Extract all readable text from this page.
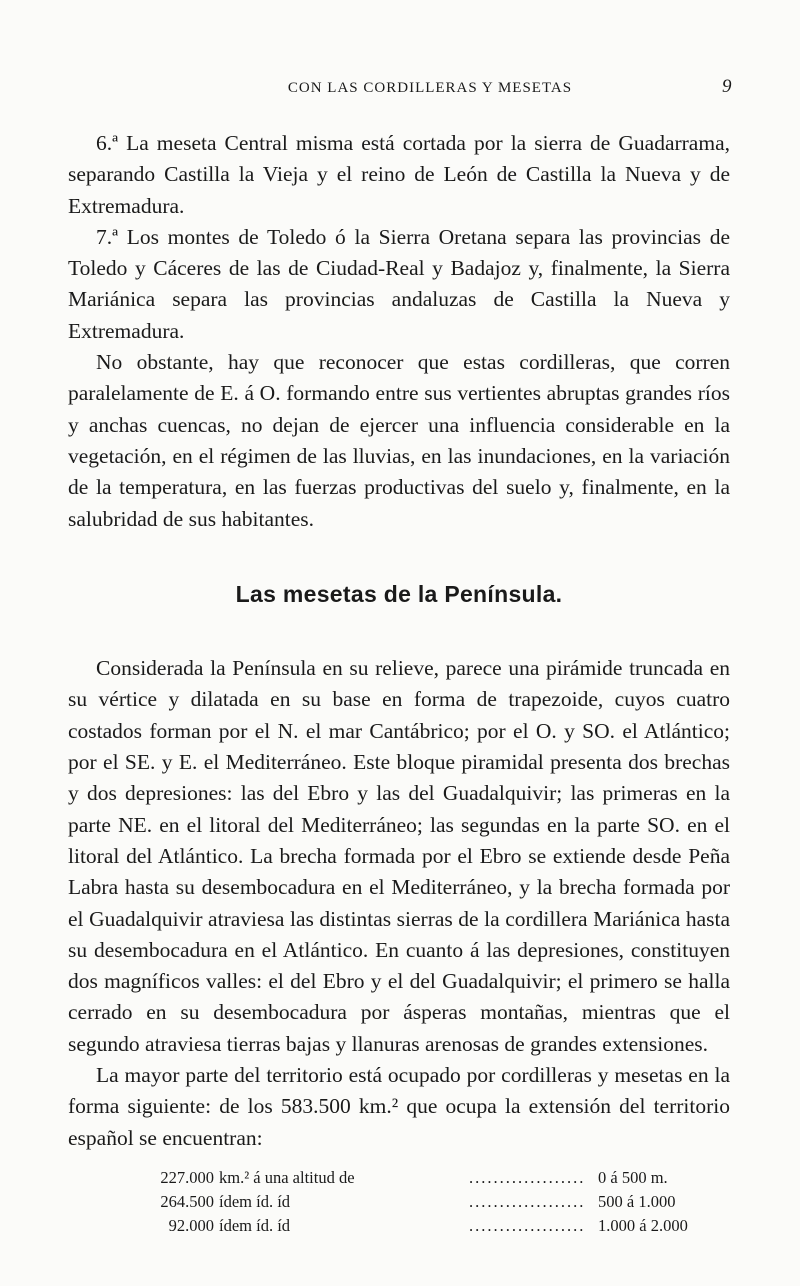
CON LAS CORDILLERAS Y MESETAS	9

6.ª La meseta Central misma está cortada por la sierra de Guadarrama, separando Castilla la Vieja y el reino de León de Castilla la Nueva y de Extremadura.

7.ª Los montes de Toledo ó la Sierra Oretana separa las provincias de Toledo y Cáceres de las de Ciudad-Real y Badajoz y, finalmente, la Sierra Mariánica separa las provincias andaluzas de Castilla la Nueva y Extremadura.

No obstante, hay que reconocer que estas cordilleras, que corren paralelamente de E. á O. formando entre sus vertientes abruptas grandes ríos y anchas cuencas, no dejan de ejercer una influencia considerable en la vegetación, en el régimen de las lluvias, en las inundaciones, en la variación de la temperatura, en las fuerzas productivas del suelo y, finalmente, en la salubridad de sus habitantes.

Las mesetas de la Península.

Considerada la Península en su relieve, parece una pirámide truncada en su vértice y dilatada en su base en forma de trapezoide, cuyos cuatro costados forman por el N. el mar Cantábrico; por el O. y SO. el Atlántico; por el SE. y E. el Mediterráneo. Este bloque piramidal presenta dos brechas y dos depresiones: las del Ebro y las del Guadalquivir; las primeras en la parte NE. en el litoral del Mediterráneo; las segundas en la parte SO. en el litoral del Atlántico. La brecha formada por el Ebro se extiende desde Peña Labra hasta su desembocadura en el Mediterráneo, y la brecha formada por el Guadalquivir atraviesa las distintas sierras de la cordillera Mariánica hasta su desembocadura en el Atlántico. En cuanto á las depresiones, constituyen dos magníficos valles: el del Ebro y el del Guadalquivir; el primero se halla cerrado en su desembocadura por ásperas montañas, mientras que el segundo atraviesa tierras bajas y llanuras arenosas de grandes extensiones.

La mayor parte del territorio está ocupado por cordilleras y mesetas en la forma siguiente: de los 583.500 km.² que ocupa la extensión del territorio español se encuentran:

227.000 km.² á una altitud de .....	0 á 500 m.
264.500 ídem íd. íd .....	500 á 1.000
92.000 ídem íd. íd .....	1.000 á 2.000
